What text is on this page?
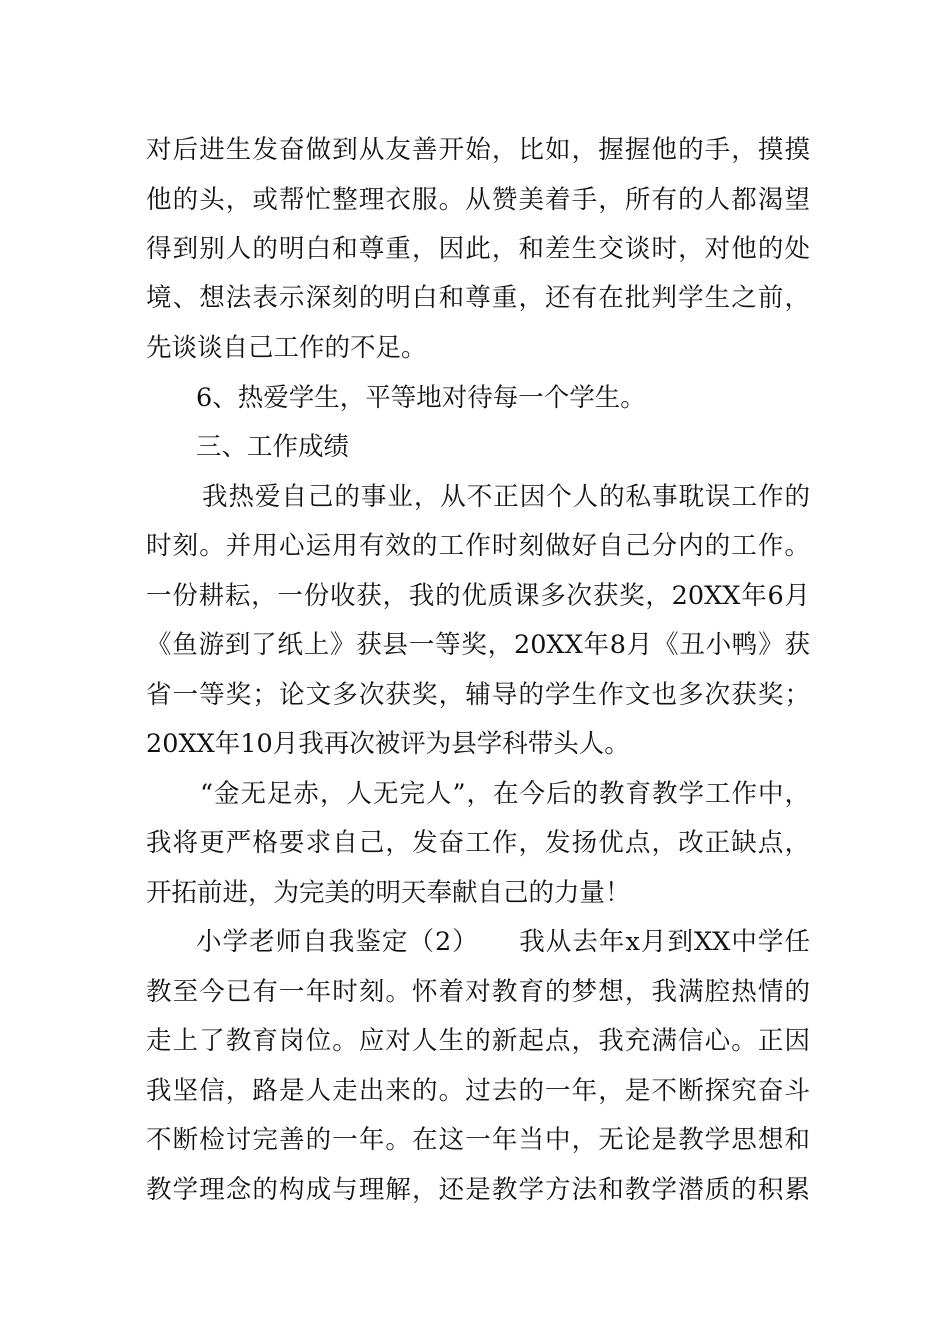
对后进生发奋做到从友善开始，比如，握握他的手，摸摸

他的头，或帮忙整理衣服。从赞美着手，所有的人都渴望

得到别人的明白和尊重，因此，和差生交谈时，对他的处

境、想法表示深刻的明白和尊重，还有在批判学生之前，

先谈谈自己工作的不足。

6、热爱学生，平等地对待每一个学生。

三、工作成绩

我热爱自己的事业，从不正因个人的私事耽误工作的

时刻。并用心运用有效的工作时刻做好自己分内的工作。

一份耕耘，一份收获，我的优质课多次获奖，20XX年6月

《鱼游到了纸上》获县一等奖，20XX年8月《丑小鸭》获

省一等奖；论文多次获奖，辅导的学生作文也多次获奖；

20XX年10月我再次被评为县学科带头人。

“金无足赤，人无完人”，在今后的教育教学工作中，

我将更严格要求自己，发奋工作，发扬优点，改正缺点，

开拓前进，为完美的明天奉献自己的力量！

小学老师自我鉴定（2）　　我从去年x月到XX中学任

教至今已有一年时刻。怀着对教育的梦想，我满腔热情的

走上了教育岗位。应对人生的新起点，我充满信心。正因

我坚信，路是人走出来的。过去的一年，是不断探究奋斗

不断检讨完善的一年。在这一年当中，无论是教学思想和

教学理念的构成与理解，还是教学方法和教学潜质的积累
